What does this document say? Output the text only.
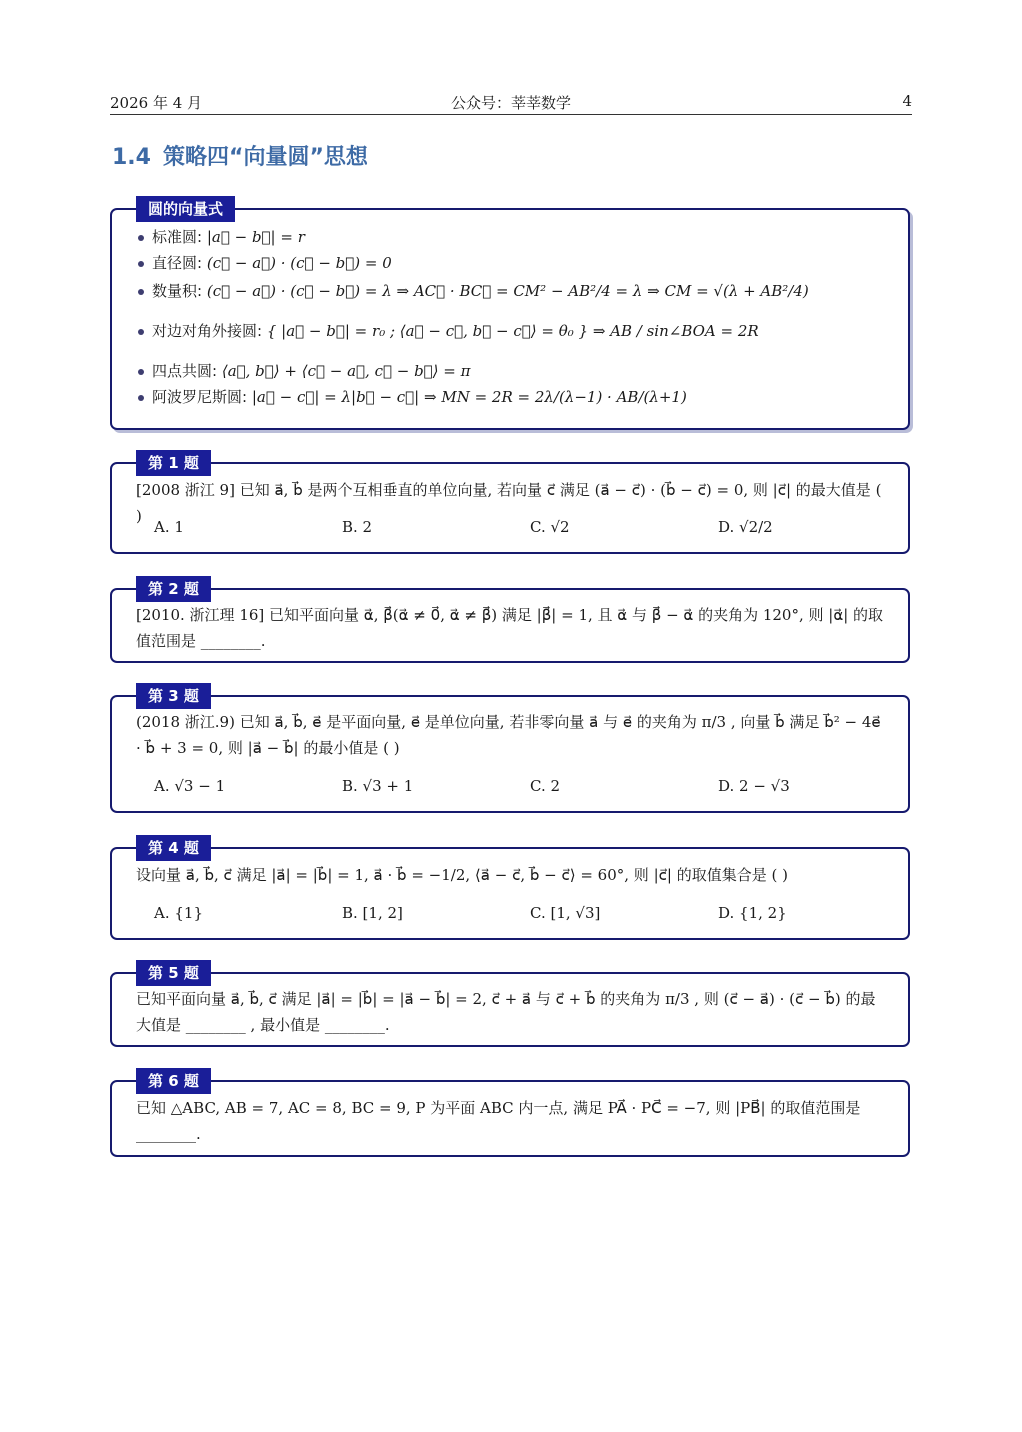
2026 年 4 月	公众号：莘莘数学	4
1.4 策略四“向量圆”思想
圆的向量式
标准圆: |a⃗ − b⃗| = r
直径圆: (c⃗ − a⃗) · (c⃗ − b⃗) = 0
数量积: (c⃗ − a⃗) · (c⃗ − b⃗) = λ ⇒ AC⃗ · BC⃗ = CM² − AB²/4 = λ ⇒ CM = √(λ + AB²/4)
对边对角外接圆: { |a⃗ − b⃗| = r₀ ; ⟨a⃗ − c⃗, b⃗ − c⃗⟩ = θ₀ } ⇒ AB / sin∠BOA = 2R
四点共圆: ⟨a⃗, b⃗⟩ + ⟨c⃗ − a⃗, c⃗ − b⃗⟩ = π
阿波罗尼斯圆: |a⃗ − c⃗| = λ|b⃗ − c⃗| ⇒ MN = 2R = 2λ/(λ−1) · AB/(λ+1)
第 1 题
[2008 浙江 9] 已知 a⃗, b⃗ 是两个互相垂直的单位向量, 若向量 c⃗ 满足 (a⃗ − c⃗) · (b⃗ − c⃗) = 0, 则 |c⃗| 的最大值是 ( )
A. 1	B. 2	C. √2	D. √2/2
第 2 题
[2010. 浙江理 16] 已知平面向量 α⃗, β⃗(α⃗ ≠ 0⃗, α⃗ ≠ β⃗) 满足 |β⃗| = 1, 且 α⃗ 与 β⃗ − α⃗ 的夹角为 120°, 则 |α⃗| 的取值范围是 ________.
第 3 题
(2018 浙江.9) 已知 a⃗, b⃗, e⃗ 是平面向量, e⃗ 是单位向量, 若非零向量 a⃗ 与 e⃗ 的夹角为 π/3 , 向量 b⃗ 满足 b⃗² − 4e⃗ · b⃗ + 3 = 0, 则 |a⃗ − b⃗| 的最小值是 ( )
A. √3 − 1	B. √3 + 1	C. 2	D. 2 − √3
第 4 题
设向量 a⃗, b⃗, c⃗ 满足 |a⃗| = |b⃗| = 1, a⃗ · b⃗ = −1/2, ⟨a⃗ − c⃗, b⃗ − c⃗⟩ = 60°, 则 |c⃗| 的取值集合是 ( )
A. {1}	B. [1, 2]	C. [1, √3]	D. {1, 2}
第 5 题
已知平面向量 a⃗, b⃗, c⃗ 满足 |a⃗| = |b⃗| = |a⃗ − b⃗| = 2, c⃗ + a⃗ 与 c⃗ + b⃗ 的夹角为 π/3 , 则 (c⃗ − a⃗) · (c⃗ − b⃗) 的最大值是 ________ , 最小值是 ________.
第 6 题
已知 △ABC, AB = 7, AC = 8, BC = 9, P 为平面 ABC 内一点, 满足 PA⃗ · PC⃗ = −7, 则 |PB⃗| 的取值范围是 ________.
